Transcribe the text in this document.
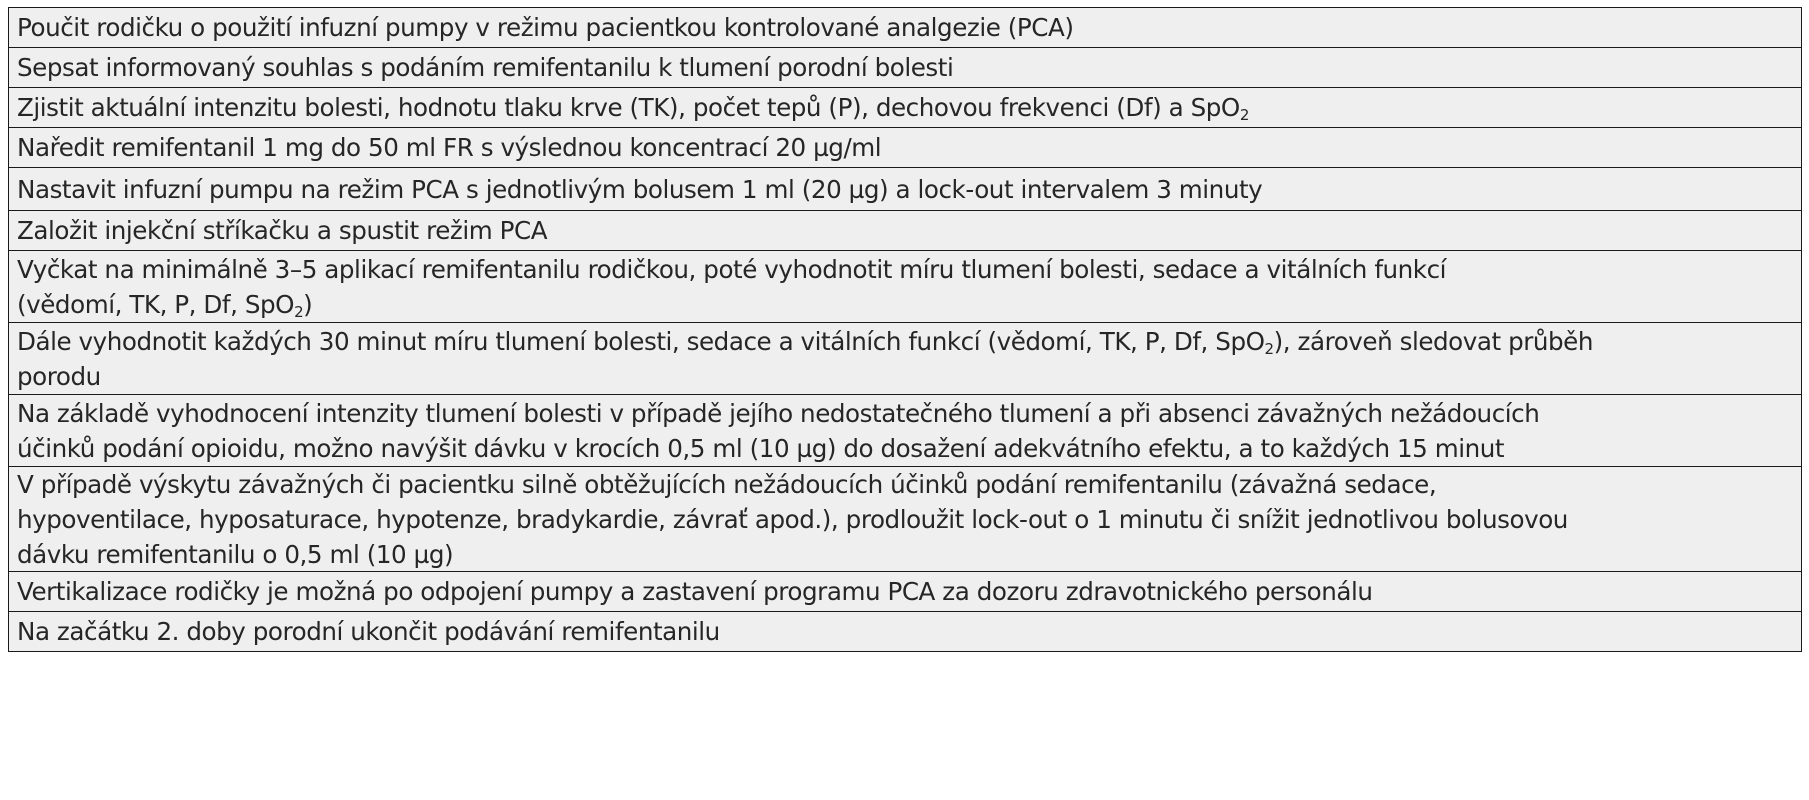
Poučit rodičku o použití infuzní pumpy v režimu pacientkou kontrolované analgezie (PCA)
Sepsat informovaný souhlas s podáním remifentanilu k tlumení porodní bolesti
Zjistit aktuální intenzitu bolesti, hodnotu tlaku krve (TK), počet tepů (P), dechovou frekvenci (Df) a SpO$_2$
Naředit remifentanil 1 mg do 50 ml FR s výslednou koncentrací 20 µg/ml
Nastavit infuzní pumpu na režim PCA s jednotlivým bolusem 1 ml (20 µg) a lock-out intervalem 3 minuty
Založit injekční stříkačku a spustit režim PCA
Vyčkat na minimálně 3–5 aplikací remifentanilu rodičkou, poté vyhodnotit míru tlumení bolesti, sedace a vitálních funkcí
(vědomí, TK, P, Df, SpO$_2$)
Dále vyhodnotit každých 30 minut míru tlumení bolesti, sedace a vitálních funkcí (vědomí, TK, P, Df, SpO$_2$), zároveň sledovat průběh
porodu
Na základě vyhodnocení intenzity tlumení bolesti v případě jejího nedostatečného tlumení a při absenci závažných nežádoucích
účinků podání opioidu, možno navýšit dávku v krocích 0,5 ml (10 µg) do dosažení adekvátního efektu, a to každých 15 minut
V případě výskytu závažných či pacientku silně obtěžujících nežádoucích účinků podání remifentanilu (závažná sedace,
hypoventilace, hyposaturace, hypotenze, bradykardie, závrať apod.), prodloužit lock-out o 1 minutu či snížit jednotlivou bolusovou
dávku remifentanilu o 0,5 ml (10 µg)
Vertikalizace rodičky je možná po odpojení pumpy a zastavení programu PCA za dozoru zdravotnického personálu
Na začátku 2. doby porodní ukončit podávání remifentanilu
